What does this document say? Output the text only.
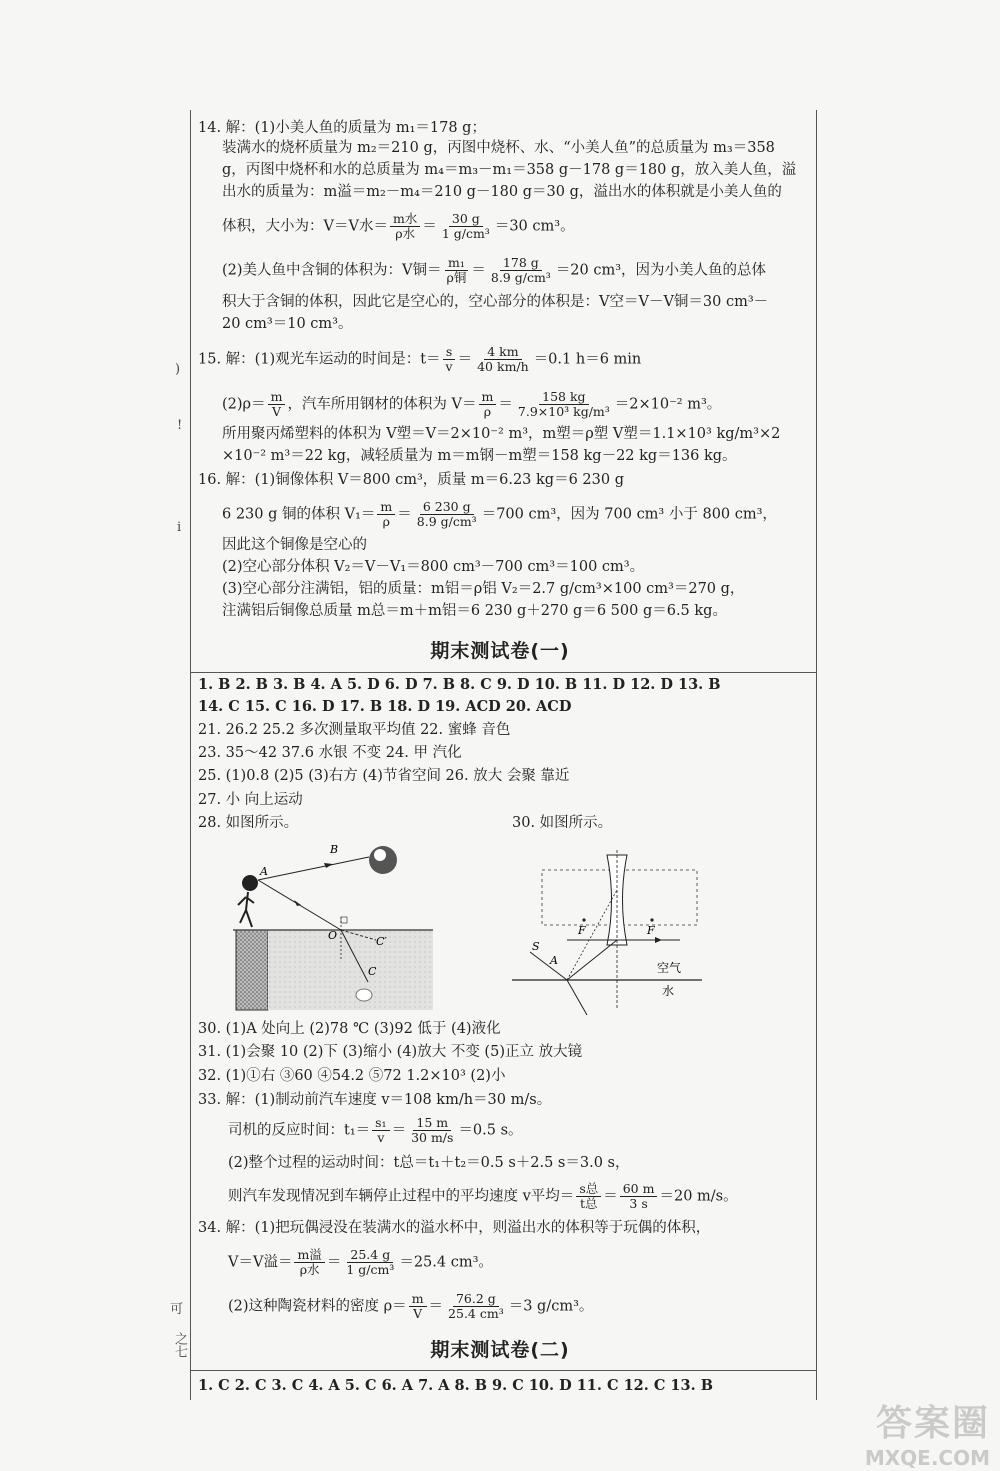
)
!
i
可
之七
14. 解：(1)小美人鱼的质量为 m₁＝178 g；
装满水的烧杯质量为 m₂＝210 g，丙图中烧杯、水、“小美人鱼”的总质量为 m₃＝358
g，丙图中烧杯和水的总质量为 m₄＝m₃－m₁＝358 g－178 g＝180 g，放入美人鱼，溢
出水的质量为：m溢＝m₂－m₄＝210 g－180 g＝30 g，溢出水的体积就是小美人鱼的
体积，大小为：V＝V水＝ $\frac{\text{m水}}{\text{ρ水}} = \frac{30 g}{\text{1 g/cm³}} =30$ cm³。
(2)美人鱼中含铜的体积为：V铜＝ $\frac{\text{m₁}}{\text{ρ铜}} = \frac{178 g}{\text{8.9 g/cm³}} =20$ cm³，因为小美人鱼的总体
积大于含铜的体积，因此它是空心的，空心部分的体积是：V空＝V－V铜＝30 cm³－
20 cm³＝10 cm³。
15. 解：(1)观光车运动的时间是：$t= \frac{s}{v} = \frac{4 km}{40 km/h} =0.1$ h＝6 min
$(2)\rho= \frac{m}{V}$ ，汽车所用钢材的体积为 $V= \frac{m}{\rho} = \frac{158 kg}{\text{7.9×10³ kg/m³}} =2\times 10^{-2}$ m³。
所用聚丙烯塑料的体积为 V塑＝V＝2×10⁻² m³，m塑＝ρ塑 V塑＝1.1×10³ kg/m³×2
×10⁻² m³＝22 kg，减轻质量为 m＝m钢－m塑＝158 kg－22 kg＝136 kg。
16. 解：(1)铜像体积 V＝800 cm³，质量 m＝6.23 kg＝6 230 g
6 230 g 铜的体积 $V_1= \frac{m}{\rho} = \frac{6 230 g}{\text{8.9 g/cm³}} =700$ cm³，因为 700 cm³ 小于 800 cm³，
因此这个铜像是空心的
(2)空心部分体积 V₂＝V－V₁＝800 cm³－700 cm³＝100 cm³。
(3)空心部分注满铝，铝的质量：m铝＝ρ铝 V₂＝2.7 g/cm³×100 cm³＝270 g，
注满铝后铜像总质量 m总＝m＋m铝＝6 230 g＋270 g＝6 500 g＝6.5 kg。
期末测试卷(一)
1. B 2. B 3. B 4. A 5. D 6. D 7. B 8. C 9. D 10. B 11. D 12. D 13. B
14. C 15. C 16. D 17. B 18. D 19. ACD 20. ACD
21. 26.2 25.2 多次测量取平均值 22. 蜜蜂 音色
23. 35～42 37.6 水银 不变 24. 甲 汽化
25. (1)0.8 (2)5 (3)右方 (4)节省空间 26. 放大 会聚 靠近
27. 小 向上运动
28. 如图所示。	30. 如图所示。
A
B
O	C′
C
S
A
F	F
空气
水
30. (1)A 处向上 (2)78 ℃ (3)92 低于 (4)液化
31. (1)会聚 10 (2)下 (3)缩小 (4)放大 不变 (5)正立 放大镜
32. (1)①右 ③60 ④54.2 ⑤72 1.2×10³ (2)小
33. 解：(1)制动前汽车速度 v＝108 km/h＝30 m/s。
司机的反应时间：$t_1= \frac{\text{s₁}}{v} = \frac{15 m}{30 m/s} =0.5$ s。
(2)整个过程的运动时间：t总＝t₁＋t₂＝0.5 s＋2.5 s＝3.0 s，
则汽车发现情况到车辆停止过程中的平均速度 v平均＝ $\frac{\text{s总}}{\text{t总}} = \frac{60 m}{3 s} =20$ m/s。
34. 解：(1)把玩偶浸没在装满水的溢水杯中，则溢出水的体积等于玩偶的体积，
V＝V溢＝ $\frac{\text{m溢}}{\text{ρ水}} = \frac{25.4 g}{\text{1 g/cm³}} =25.4$ cm³。
(2)这种陶瓷材料的密度 $\rho= \frac{m}{V} = \frac{76.2 g}{\text{25.4 cm³}} =3$ g/cm³。
期末测试卷(二)
1. C 2. C 3. C 4. A 5. C 6. A 7. A 8. B 9. C 10. D 11. C 12. C 13. B
答案圈
MXQE.COM
